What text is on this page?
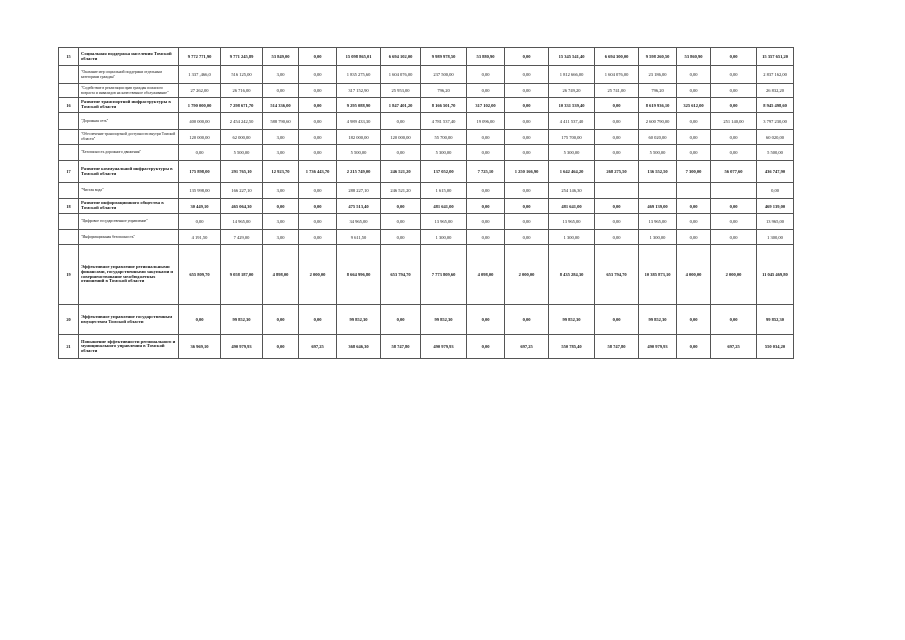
15	Социальная поддержка населения Томской области	9 772 771,90	9 771 245,89	53 849,00	0,00	15 098 865,01	6 694 102,00	9 989 978,50	53 880,90	0,00	15 345 541,40	6 694 300,00	9 598 260,50	53 860,90	0,00	15 357 651,20
	"Оказание мер социальной поддержки отдельным категориям граждан"	1 337 ,466,0	516 125,00	3,00	0,00	1 835 275,60	1 604 076,00	237 500,00	0,00	0,00	1 812 666,00	1 604 076,00	23 186,00	0,00	0,00	2 837 162,00
	"Содействие в реализации прав граждан пожилого возраста и инвалидов на качественное обслуживание"	27 262,00	26 716,00	0,00	0,00	317 152,90	25 953,00	796,20	0,00	0,00	26 749,20	25 741,00	796,20	0,00	0,00	26 832,20
16	Развитие транспортной инфраструктуры в Томской области	1 790 000,00	7 298 671,70	514 336,00	0,00	9 295 088,90	1 847 401,20	8 166 501,70	317 102,00	0,00	10 331 539,40	0,00	8 619 936,10	325 612,00	0,00	8 945 498,60
	"Дорожная сеть"	400 000,00	2 454 242,50	588 790,60	0,00	4 989 433,30	0,00	4 781 537,40	19 096,00	0,00	4 411 537,40	0,00	2 600 790,00	0,00	251 140,00	3 797 230,00
	"Обеспечение транспортной доступности внутри Томской области"	120 000,00	62 000,00	3,00	0,00	182 000,00	120 000,00	55 700,00	0,00	0,00	175 700,00	0,00	60 020,00	0,00	0,00	60 020,00
	"Безопасность дорожного движения"	0,00	5 500,00	3,00	0,00	5 500,00	0,00	5 300,00	0,00	0,00	5 300,00	0,00	5 500,00	0,00	0,00	5 500,00
17	Развитие коммунальной инфраструктуры в Томской области	175 898,00	291 765,10	12 923,70	1 736 443,70	2 215 749,00	246 521,20	137 052,00	7 725,10	1 250 166,90	1 642 464,20	268 275,50	136 552,50	7 300,00	56 077,60	436 747,90
	"Чистая вода"	135 998,00	166 227,10	3,00	0,00	288 227,10	246 521,20	1 615,00	0,00	0,00	254 146,30					0,00
18	Развитие информационного общества в Томской области	30 449,10	465 064,30	0,00	0,00	475 513,40	0,00	481 641,00	0,00	0,00	481 641,00	0,00	469 139,00	0,00	0,00	469 139,00
	"Цифровое государственное управление"	0,00	14 965,00	3,00	0,00	34 965,00	0,00	13 965,00	0,00	0,00	13 965,00	0,00	13 965,00	0,00	0,00	13 965,00
	"Информационная безопасность"	4 191,50	7 429,00	3,00	0,00	9 611,50	0,00	1 300,00	0,00	0,00	1 300,00	0,00	1 300,00	0,00	0,00	1 300,00
19	Эффективное управление региональными финансами, государственными закупками и совершенствование межбюджетных отношений в Томской области	655 809,70	9 058 187,00	4 898,00	2 000,00	8 664 996,80	653 794,70	7 773 809,60	4 098,00	2 000,00	8 435 284,30	653 794,70	10 385 873,10	4 000,00	2 000,00	11 045 469,80
20	Эффективное управление государственным имуществом Томской области	0,00	99 852,30	0,00	0,00	99 852,30	0,00	99 852,30	0,00	0,00	99 852,30	0,00	99 852,30	0,00	0,00	99 852,30
21	Повышение эффективности регионального и муниципального управления в Томской области	36 969,10	490 979,93	0,00	697,25	368 646,30	58 747,80	490 979,93	0,00	697,25	550 785,40	58 747,80	490 979,93	0,00	697,25	550 034,20
